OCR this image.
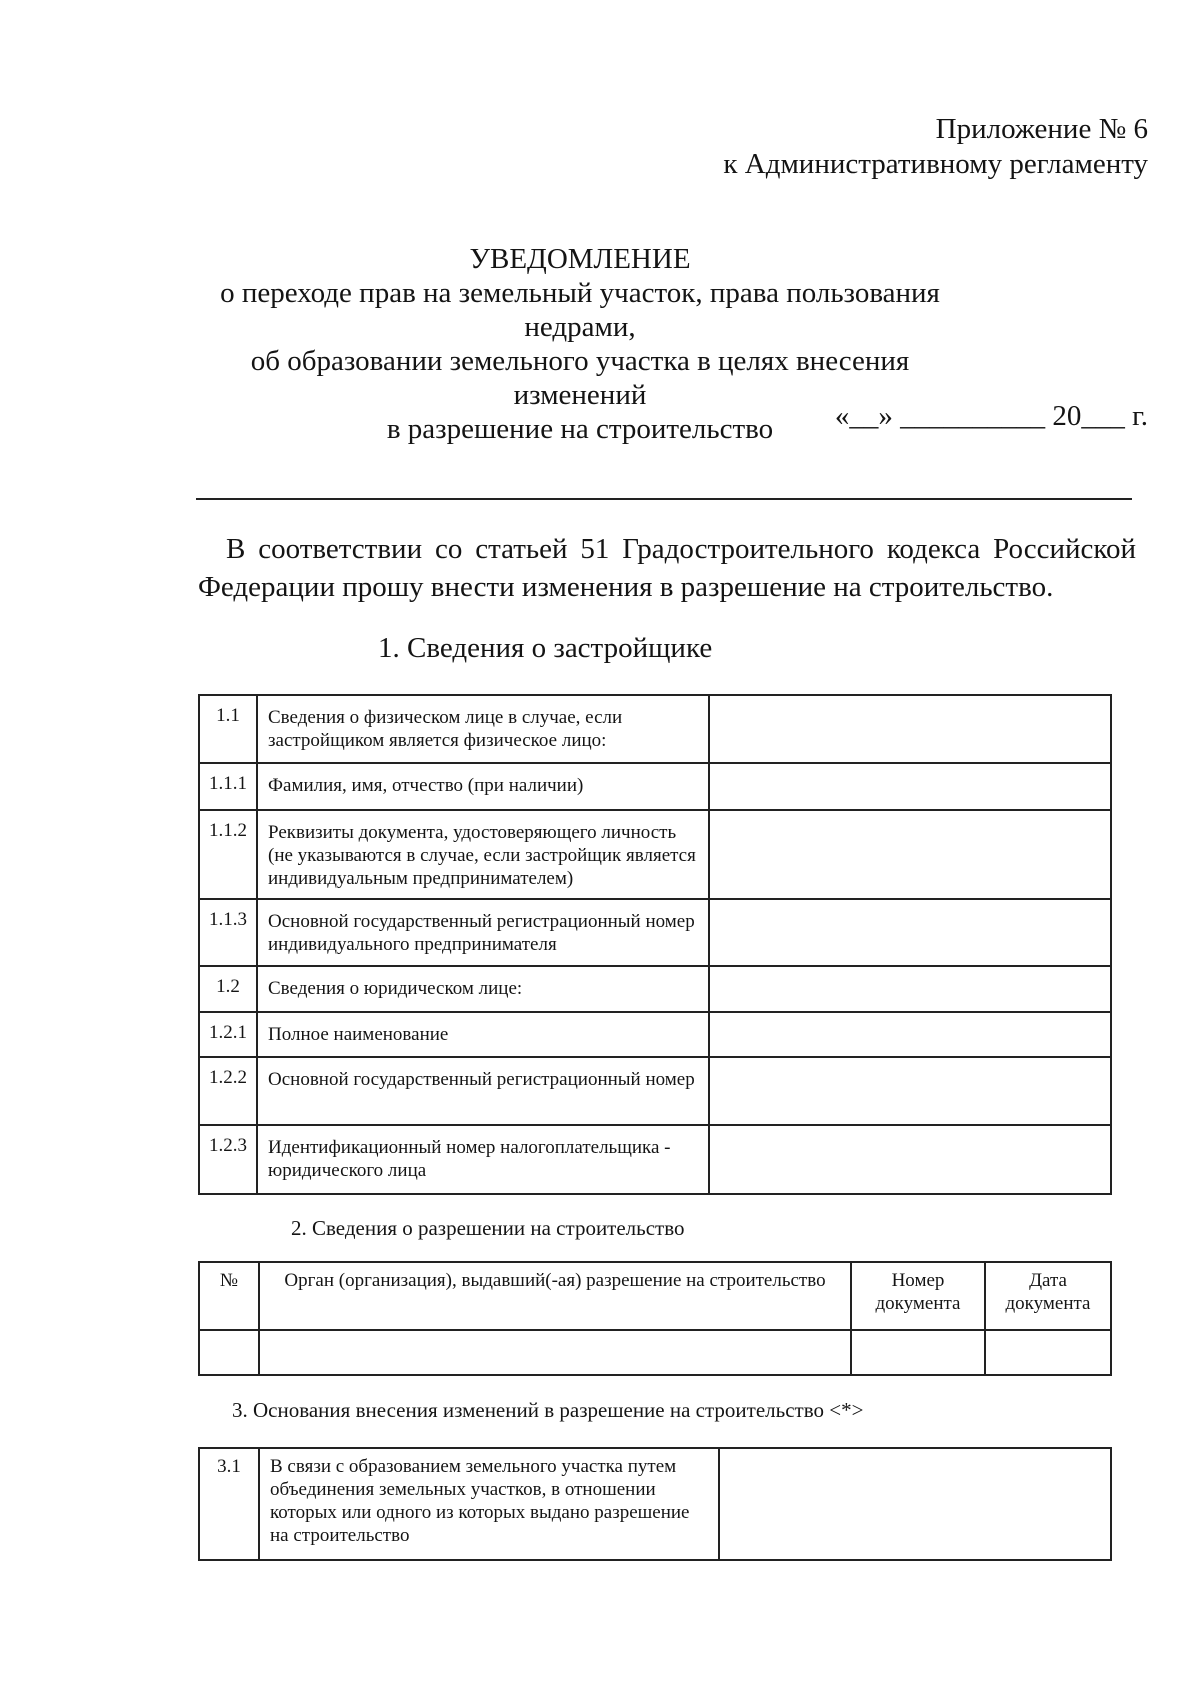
Приложение № 6
к Административному регламенту
УВЕДОМЛЕНИЕ
о переходе прав на земельный участок, права пользования недрами,
об образовании земельного участка в целях внесения изменений
в разрешение на строительство	«__» __________ 20___ г.
В соответствии со статьей 51 Градостроительного кодекса Российской Федерации прошу внести изменения в разрешение на строительство.
1. Сведения о застройщике
1.1	Сведения о физическом лице в случае, если застройщиком является физическое лицо:	
1.1.1	Фамилия, имя, отчество (при наличии)	
1.1.2	Реквизиты документа, удостоверяющего личность (не указываются в случае, если застройщик является индивидуальным предпринимателем)	
1.1.3	Основной государственный регистрационный номер индивидуального предпринимателя	
1.2	Сведения о юридическом лице:	
1.2.1	Полное наименование	
1.2.2	Основной государственный регистрационный номер	
1.2.3	Идентификационный номер налогоплательщика - юридического лица	
2. Сведения о разрешении на строительство
№	Орган (организация), выдавший(-ая) разрешение на строительство	Номер документа	Дата документа

3. Основания внесения изменений в разрешение на строительство <*>
3.1	В связи с образованием земельного участка путем объединения земельных участков, в отношении которых или одного из которых выдано разрешение на строительство	
